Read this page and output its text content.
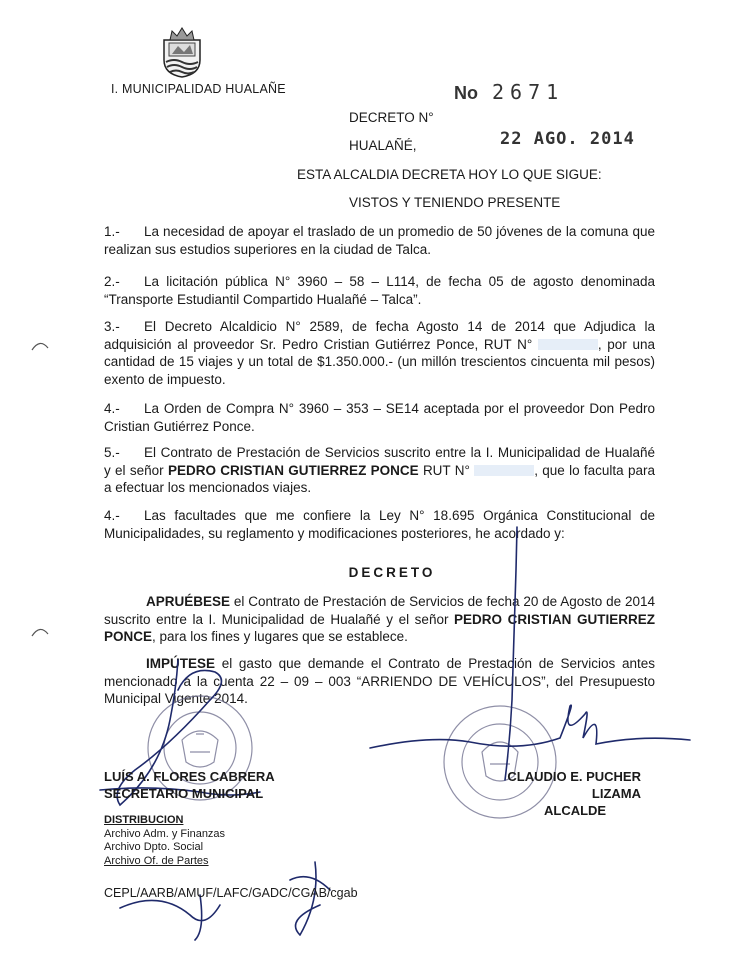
I. MUNICIPALIDAD HUALAÑE	No 2671
DECRETO N°
HUALAÑÉ,	22 AGO. 2014
ESTA ALCALDIA DECRETA HOY LO QUE SIGUE:
VISTOS Y TENIENDO PRESENTE
1.- La necesidad de apoyar el traslado de un promedio de 50 jóvenes de la comuna que realizan sus estudios superiores en la ciudad de Talca.
2.- La licitación pública N° 3960 – 58 – L114, de fecha 05 de agosto denominada “Transporte Estudiantil Compartido Hualañé – Talca”.
3.- El Decreto Alcaldicio N° 2589, de fecha Agosto 14 de 2014 que Adjudica la adquisición al proveedor Sr. Pedro Cristian Gutiérrez Ponce, RUT N°	, por una cantidad de 15 viajes y un total de $1.350.000.- (un millón trescientos cincuenta mil pesos) exento de impuesto.
4.- La Orden de Compra N° 3960 – 353 – SE14 aceptada por el proveedor Don Pedro Cristian Gutiérrez Ponce.
5.- El Contrato de Prestación de Servicios suscrito entre la I. Municipalidad de Hualañé y el señor PEDRO CRISTIAN GUTIERREZ PONCE RUT N°	, que lo faculta para a efectuar los mencionados viajes.
4.- Las facultades que me confiere la Ley N° 18.695 Orgánica Constitucional de Municipalidades, su reglamento y modificaciones posteriores, he acordado y:
DECRETO
APRUÉBESE el Contrato de Prestación de Servicios de fecha 20 de Agosto de 2014 suscrito entre la I. Municipalidad de Hualañé y el señor PEDRO CRISTIAN GUTIERREZ PONCE, para los fines y lugares que se establece.
IMPÚTESE el gasto que demande el Contrato de Prestación de Servicios antes mencionado a la cuenta 22 – 09 – 003 “ARRIENDO DE VEHÍCULOS”, del Presupuesto Municipal Vigente 2014.
LUÍS A. FLORES CABRERA
SECRETARIO MUNICIPAL
CLAUDIO E. PUCHER LIZAMA
ALCALDE
DISTRIBUCION
Archivo Adm. y Finanzas
Archivo Dpto. Social
Archivo Of. de Partes
CEPL/AARB/AMUF/LAFC/GADC/CGAB/cgab
